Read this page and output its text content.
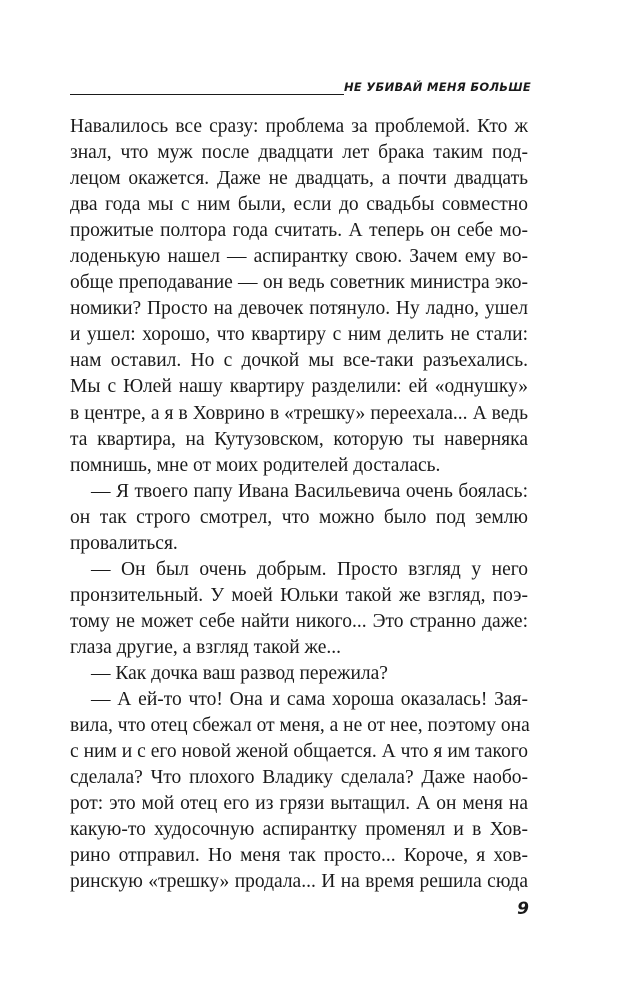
НЕ УБИВАЙ МЕНЯ БОЛЬШЕ
Навалилось все сразу: проблема за проблемой. Кто ж
знал, что муж после двадцати лет брака таким под-
лецом окажется. Даже не двадцать, а почти двадцать
два года мы с ним были, если до свадьбы совместно
прожитые полтора года считать. А теперь он себе мо-
лоденькую нашел — аспирантку свою. Зачем ему во-
обще преподавание — он ведь советник министра эко-
номики? Просто на девочек потянуло. Ну ладно, ушел
и ушел: хорошо, что квартиру с ним делить не стали:
нам оставил. Но с дочкой мы все-таки разъехались.
Мы с Юлей нашу квартиру разделили: ей «однушку»
в центре, а я в Ховрино в «трешку» переехала... А ведь
та квартира, на Кутузовском, которую ты наверняка
помнишь, мне от моих родителей досталась.
— Я твоего папу Ивана Васильевича очень боялась:
он так строго смотрел, что можно было под землю
провалиться.
— Он был очень добрым. Просто взгляд у него
пронзительный. У моей Юльки такой же взгляд, поэ-
тому не может себе найти никого... Это странно даже:
глаза другие, а взгляд такой же...
— Как дочка ваш развод пережила?
— А ей-то что! Она и сама хороша оказалась! Зая-
вила, что отец сбежал от меня, а не от нее, поэтому она
с ним и с его новой женой общается. А что я им такого
сделала? Что плохого Владику сделала? Даже наобо-
рот: это мой отец его из грязи вытащил. А он меня на
какую-то худосочную аспирантку променял и в Хов-
рино отправил. Но меня так просто... Короче, я хов-
ринскую «трешку» продала... И на время решила сюда
9
